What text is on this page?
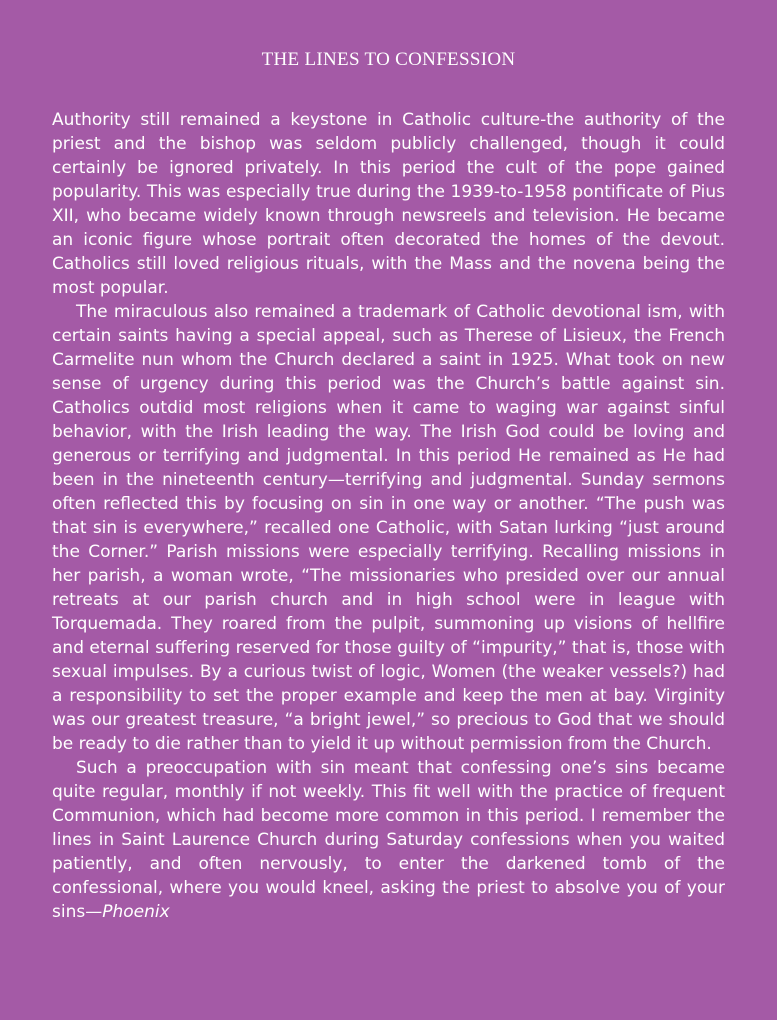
THE LINES TO CONFESSION

Authority still remained a keystone in Catholic culture-the authority of the priest and the bishop was seldom publicly challenged, though it could certainly be ignored privately. In this period the cult of the pope gained popularity. This was especially true during the 1939-to-1958 pontificate of Pius XII, who became widely known through newsreels and television. He became an iconic figure whose portrait often decorated the homes of the devout. Catholics still loved religious rituals, with the Mass and the novena being the most popular.

The miraculous also remained a trademark of Catholic devotional ism, with certain saints having a special appeal, such as Therese of Lisieux, the French Carmelite nun whom the Church declared a saint in 1925. What took on new sense of urgency during this period was the Church’s battle against sin. Catholics outdid most religions when it came to waging war against sinful behavior, with the Irish leading the way. The Irish God could be loving and generous or terrifying and judgmental. In this period He remained as He had been in the nineteenth century—terrifying and judgmental. Sunday sermons often reflected this by focusing on sin in one way or another. “The push was that sin is everywhere,” recalled one Catholic, with Satan lurking “just around the Corner.” Parish missions were especially terrifying. Recalling missions in her parish, a woman wrote, “The missionaries who presided over our annual retreats at our parish church and in high school were in league with Torquemada. They roared from the pulpit, summoning up visions of hellfire and eternal suffering reserved for those guilty of “impurity,” that is, those with sexual impulses. By a curious twist of logic, Women (the weaker vessels?) had a responsibility to set the proper example and keep the men at bay. Virginity was our greatest treasure, “a bright jewel,” so precious to God that we should be ready to die rather than to yield it up without permission from the Church.

Such a preoccupation with sin meant that confessing one’s sins became quite regular, monthly if not weekly. This fit well with the practice of frequent Communion, which had become more common in this period. I remember the lines in Saint Laurence Church during Saturday confessions when you waited patiently, and often nervously, to enter the darkened tomb of the confessional, where you would kneel, asking the priest to absolve you of your sins—Phoenix
